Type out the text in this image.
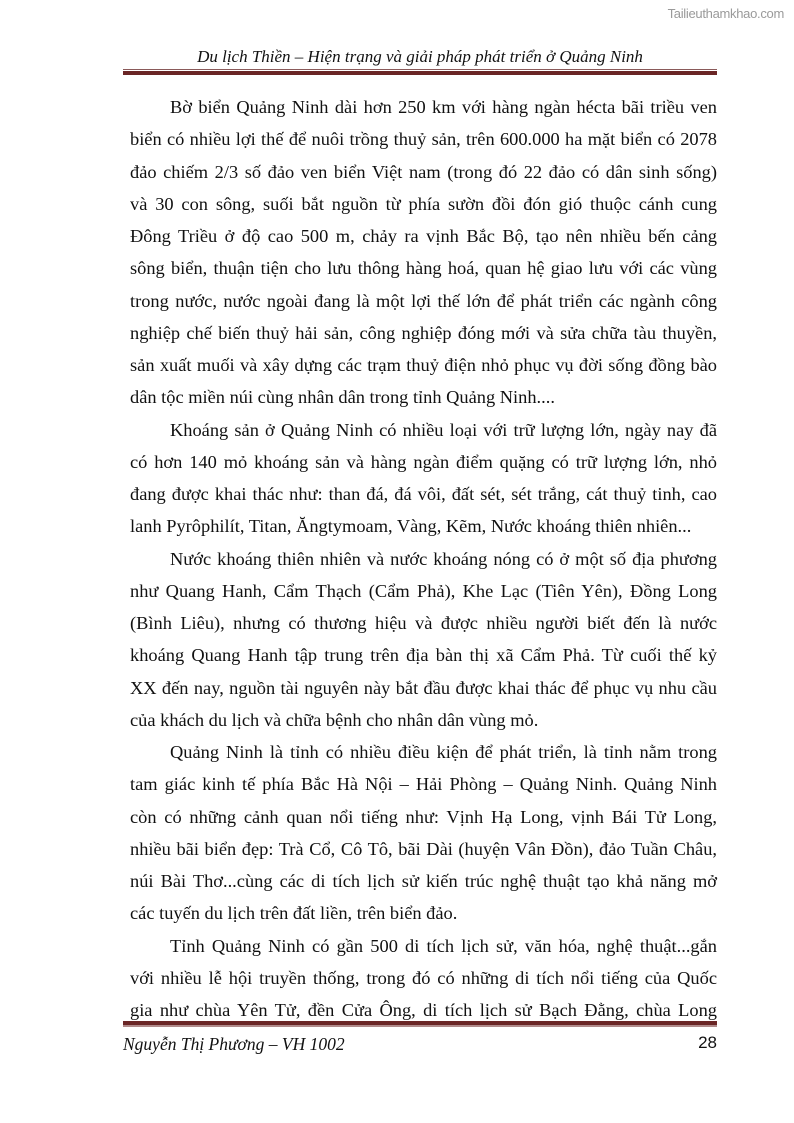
Tailieuthamkhao.com
Du lịch Thiền – Hiện trạng và giải pháp phát triển ở Quảng Ninh
Bờ biển Quảng Ninh dài hơn 250 km với hàng ngàn hécta bãi triều ven
biển có nhiều lợi thế để nuôi trồng thuỷ sản, trên 600.000 ha mặt biển có 2078
đảo chiếm 2/3 số đảo ven biển Việt nam (trong đó 22 đảo có dân sinh sống)
và 30 con sông, suối bắt nguồn từ phía sườn đồi đón gió thuộc cánh cung
Đông Triều ở độ cao 500 m, chảy ra vịnh Bắc Bộ, tạo nên nhiều bến cảng
sông biển, thuận tiện cho lưu thông hàng hoá, quan hệ giao lưu với các vùng
trong nước, nước ngoài đang là một lợi thế lớn để phát triển các ngành công
nghiệp chế biến thuỷ hải sản, công nghiệp đóng mới và sửa chữa tàu thuyền,
sản xuất muối và xây dựng các trạm thuỷ điện nhỏ phục vụ đời sống đồng bào
dân tộc miền núi cùng nhân dân trong tỉnh Quảng Ninh....
Khoáng sản ở Quảng Ninh có nhiều loại với trữ lượng lớn, ngày nay đã
có hơn 140 mỏ khoáng sản và hàng ngàn điểm quặng có trữ lượng lớn, nhỏ
đang được khai thác như: than đá, đá vôi, đất sét, sét trắng, cát thuỷ tinh, cao
lanh Pyrôphilít, Titan, Ăngtymoam, Vàng, Kẽm, Nước khoáng thiên nhiên...
Nước khoáng thiên nhiên và nước khoáng nóng có ở một số địa phương
như Quang Hanh, Cẩm Thạch (Cẩm Phả), Khe Lạc (Tiên Yên), Đồng Long
(Bình Liêu), nhưng có thương hiệu và được nhiều người biết đến là nước
khoáng Quang Hanh tập trung trên địa bàn thị xã Cẩm Phả. Từ cuối thế kỷ
XX đến nay, nguồn tài nguyên này bắt đầu được khai thác để phục vụ nhu cầu
của khách du lịch và chữa bệnh cho nhân dân vùng mỏ.
Quảng Ninh là tỉnh có nhiều điều kiện để phát triển, là tỉnh nằm trong
tam giác kinh tế phía Bắc Hà Nội – Hải Phòng – Quảng Ninh. Quảng Ninh
còn có những cảnh quan nổi tiếng như: Vịnh Hạ Long, vịnh Bái Tử Long,
nhiều bãi biển đẹp: Trà Cổ, Cô Tô, bãi Dài (huyện Vân Đồn), đảo Tuần Châu,
núi Bài Thơ...cùng các di tích lịch sử kiến trúc nghệ thuật tạo khả năng mở
các tuyến du lịch trên đất liền, trên biển đảo.
Tỉnh Quảng Ninh có gần 500 di tích lịch sử, văn hóa, nghệ thuật...gắn
với nhiều lễ hội truyền thống, trong đó có những di tích nổi tiếng của Quốc
gia như chùa Yên Tử, đền Cửa Ông, di tích lịch sử Bạch Đằng, chùa Long
Nguyễn Thị Phương – VH 1002	28
